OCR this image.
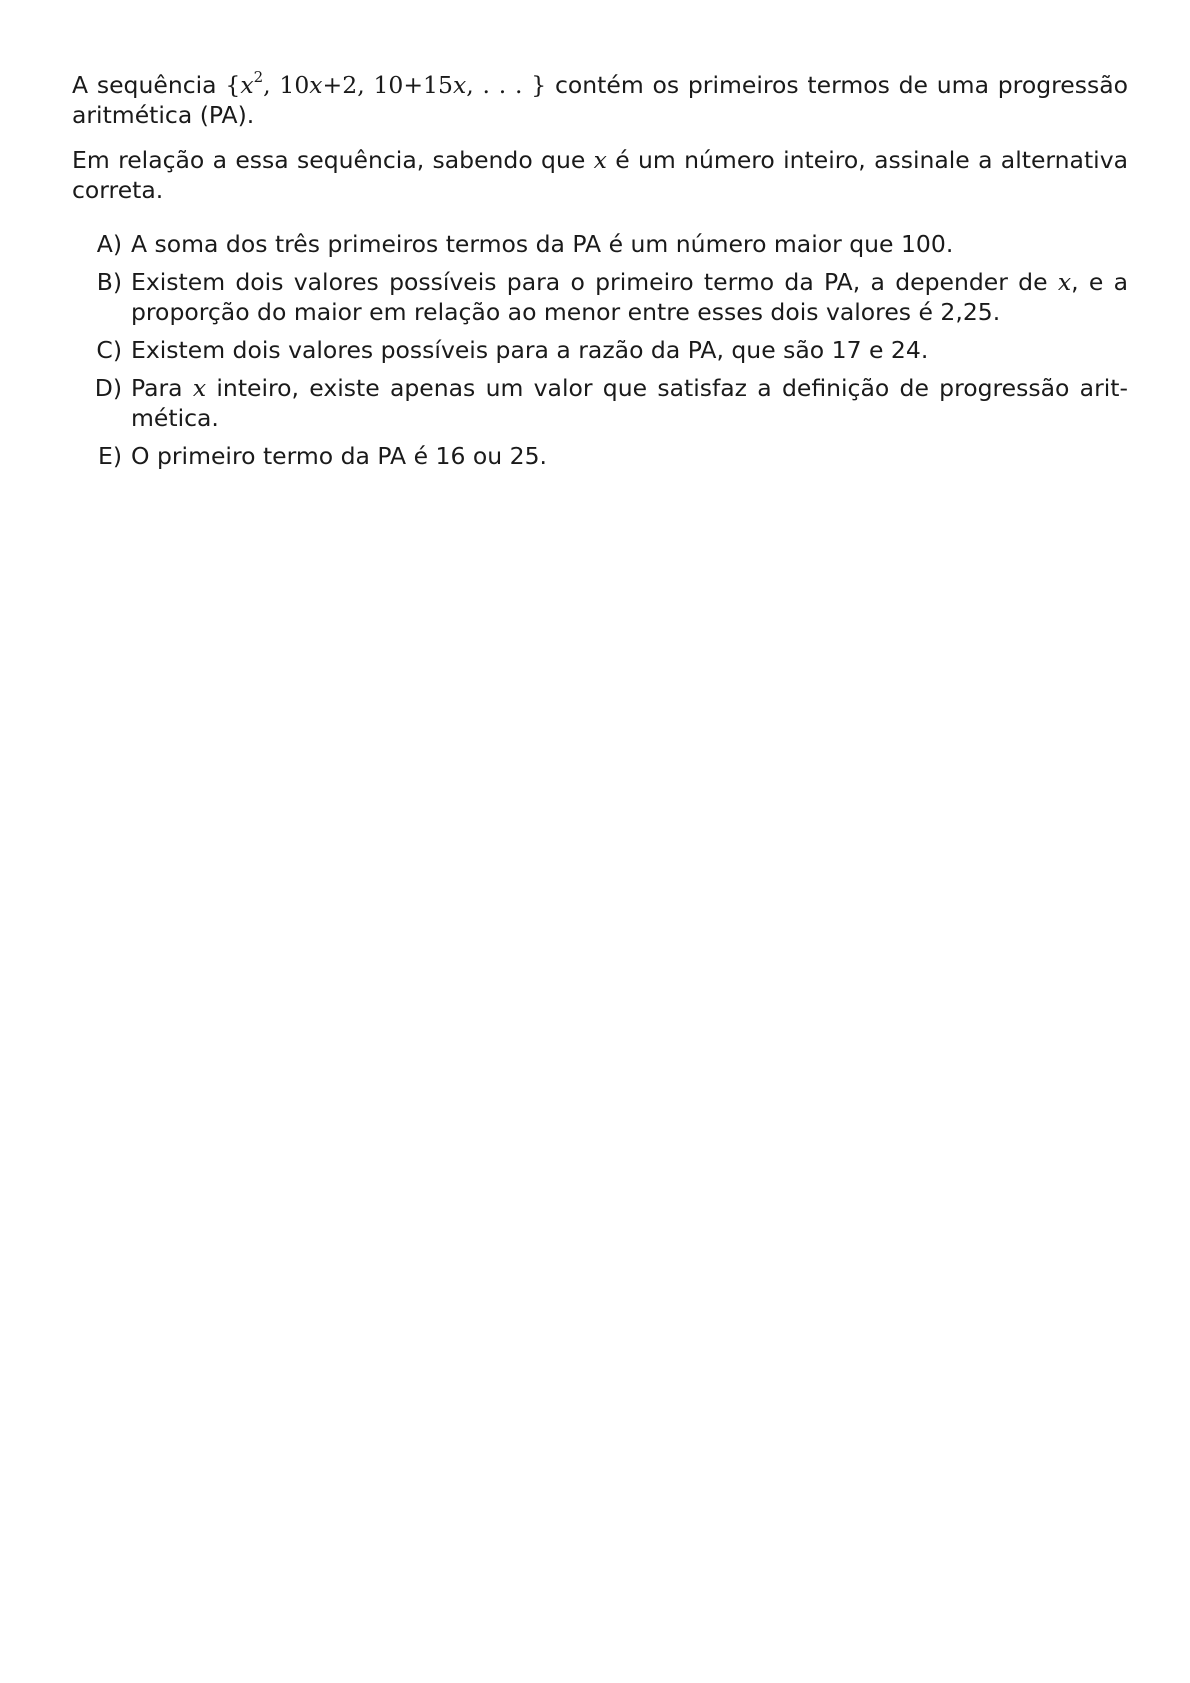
A sequência {$x^2$, 10x+2, 10+15x, . . . } contém os primeiros termos de uma progressão aritmética (PA).

Em relação a essa sequência, sabendo que x é um número inteiro, assinale a alternativa correta.

A) A soma dos três primeiros termos da PA é um número maior que 100.
B) Existem dois valores possíveis para o primeiro termo da PA, a depender de x, e a proporção do maior em relação ao menor entre esses dois valores é 2,25.
C) Existem dois valores possíveis para a razão da PA, que são 17 e 24.
D) Para x inteiro, existe apenas um valor que satisfaz a definição de progressão aritmética.
E) O primeiro termo da PA é 16 ou 25.
